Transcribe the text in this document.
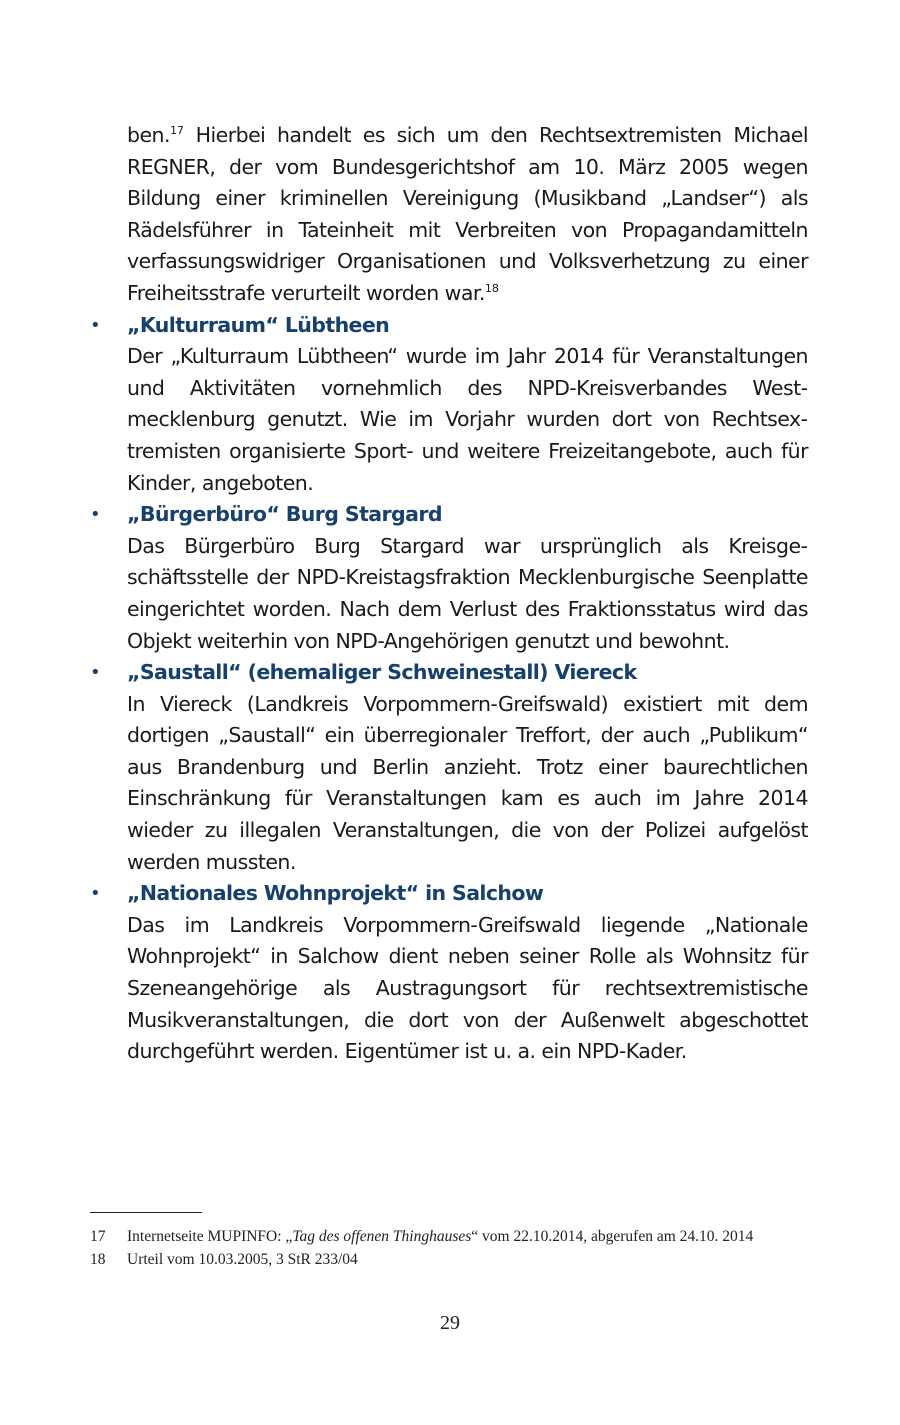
ben.$^{17}$ Hierbei handelt es sich um den Rechtsextremisten Michael REGNER, der vom Bundesgerichtshof am 10. März 2005 wegen Bildung einer kriminellen Vereinigung (Musikband „Landser“) als Rädelsführer in Tateinheit mit Verbreiten von Propagandamitteln verfassungswidriger Organisationen und Volksverhetzung zu einer Freiheitsstrafe verurteilt worden war.$^{18}$

• „Kulturraum“ Lübtheen

Der „Kulturraum Lübtheen“ wurde im Jahr 2014 für Veranstaltungen und Aktivitäten vornehmlich des NPD-Kreisverbandes Westmecklenburg genutzt. Wie im Vorjahr wurden dort von Rechtsextremisten organisierte Sport- und weitere Freizeitangebote, auch für Kinder, angeboten.

• „Bürgerbüro“ Burg Stargard

Das Bürgerbüro Burg Stargard war ursprünglich als Kreisgeschäftsstelle der NPD-Kreistagsfraktion Mecklenburgische Seenplatte eingerichtet worden. Nach dem Verlust des Fraktionsstatus wird das Objekt weiterhin von NPD-Angehörigen genutzt und bewohnt.

• „Saustall“ (ehemaliger Schweinestall) Viereck

In Viereck (Landkreis Vorpommern-Greifswald) existiert mit dem dortigen „Saustall“ ein überregionaler Treffort, der auch „Publikum“ aus Brandenburg und Berlin anzieht. Trotz einer baurechtlichen Einschränkung für Veranstaltungen kam es auch im Jahre 2014 wieder zu illegalen Veranstaltungen, die von der Polizei aufgelöst werden mussten.

• „Nationales Wohnprojekt“ in Salchow

Das im Landkreis Vorpommern-Greifswald liegende „Nationale Wohnprojekt“ in Salchow dient neben seiner Rolle als Wohnsitz für Szeneangehörige als Austragungsort für rechtsextremistische Musikveranstaltungen, die dort von der Außenwelt abgeschottet durchgeführt werden. Eigentümer ist u. a. ein NPD-Kader.

17 Internetseite MUPINFO: „Tag des offenen Thinghauses“ vom 22.10.2014, abgerufen am 24.10. 2014

18 Urteil vom 10.03.2005, 3 StR 233/04

29
